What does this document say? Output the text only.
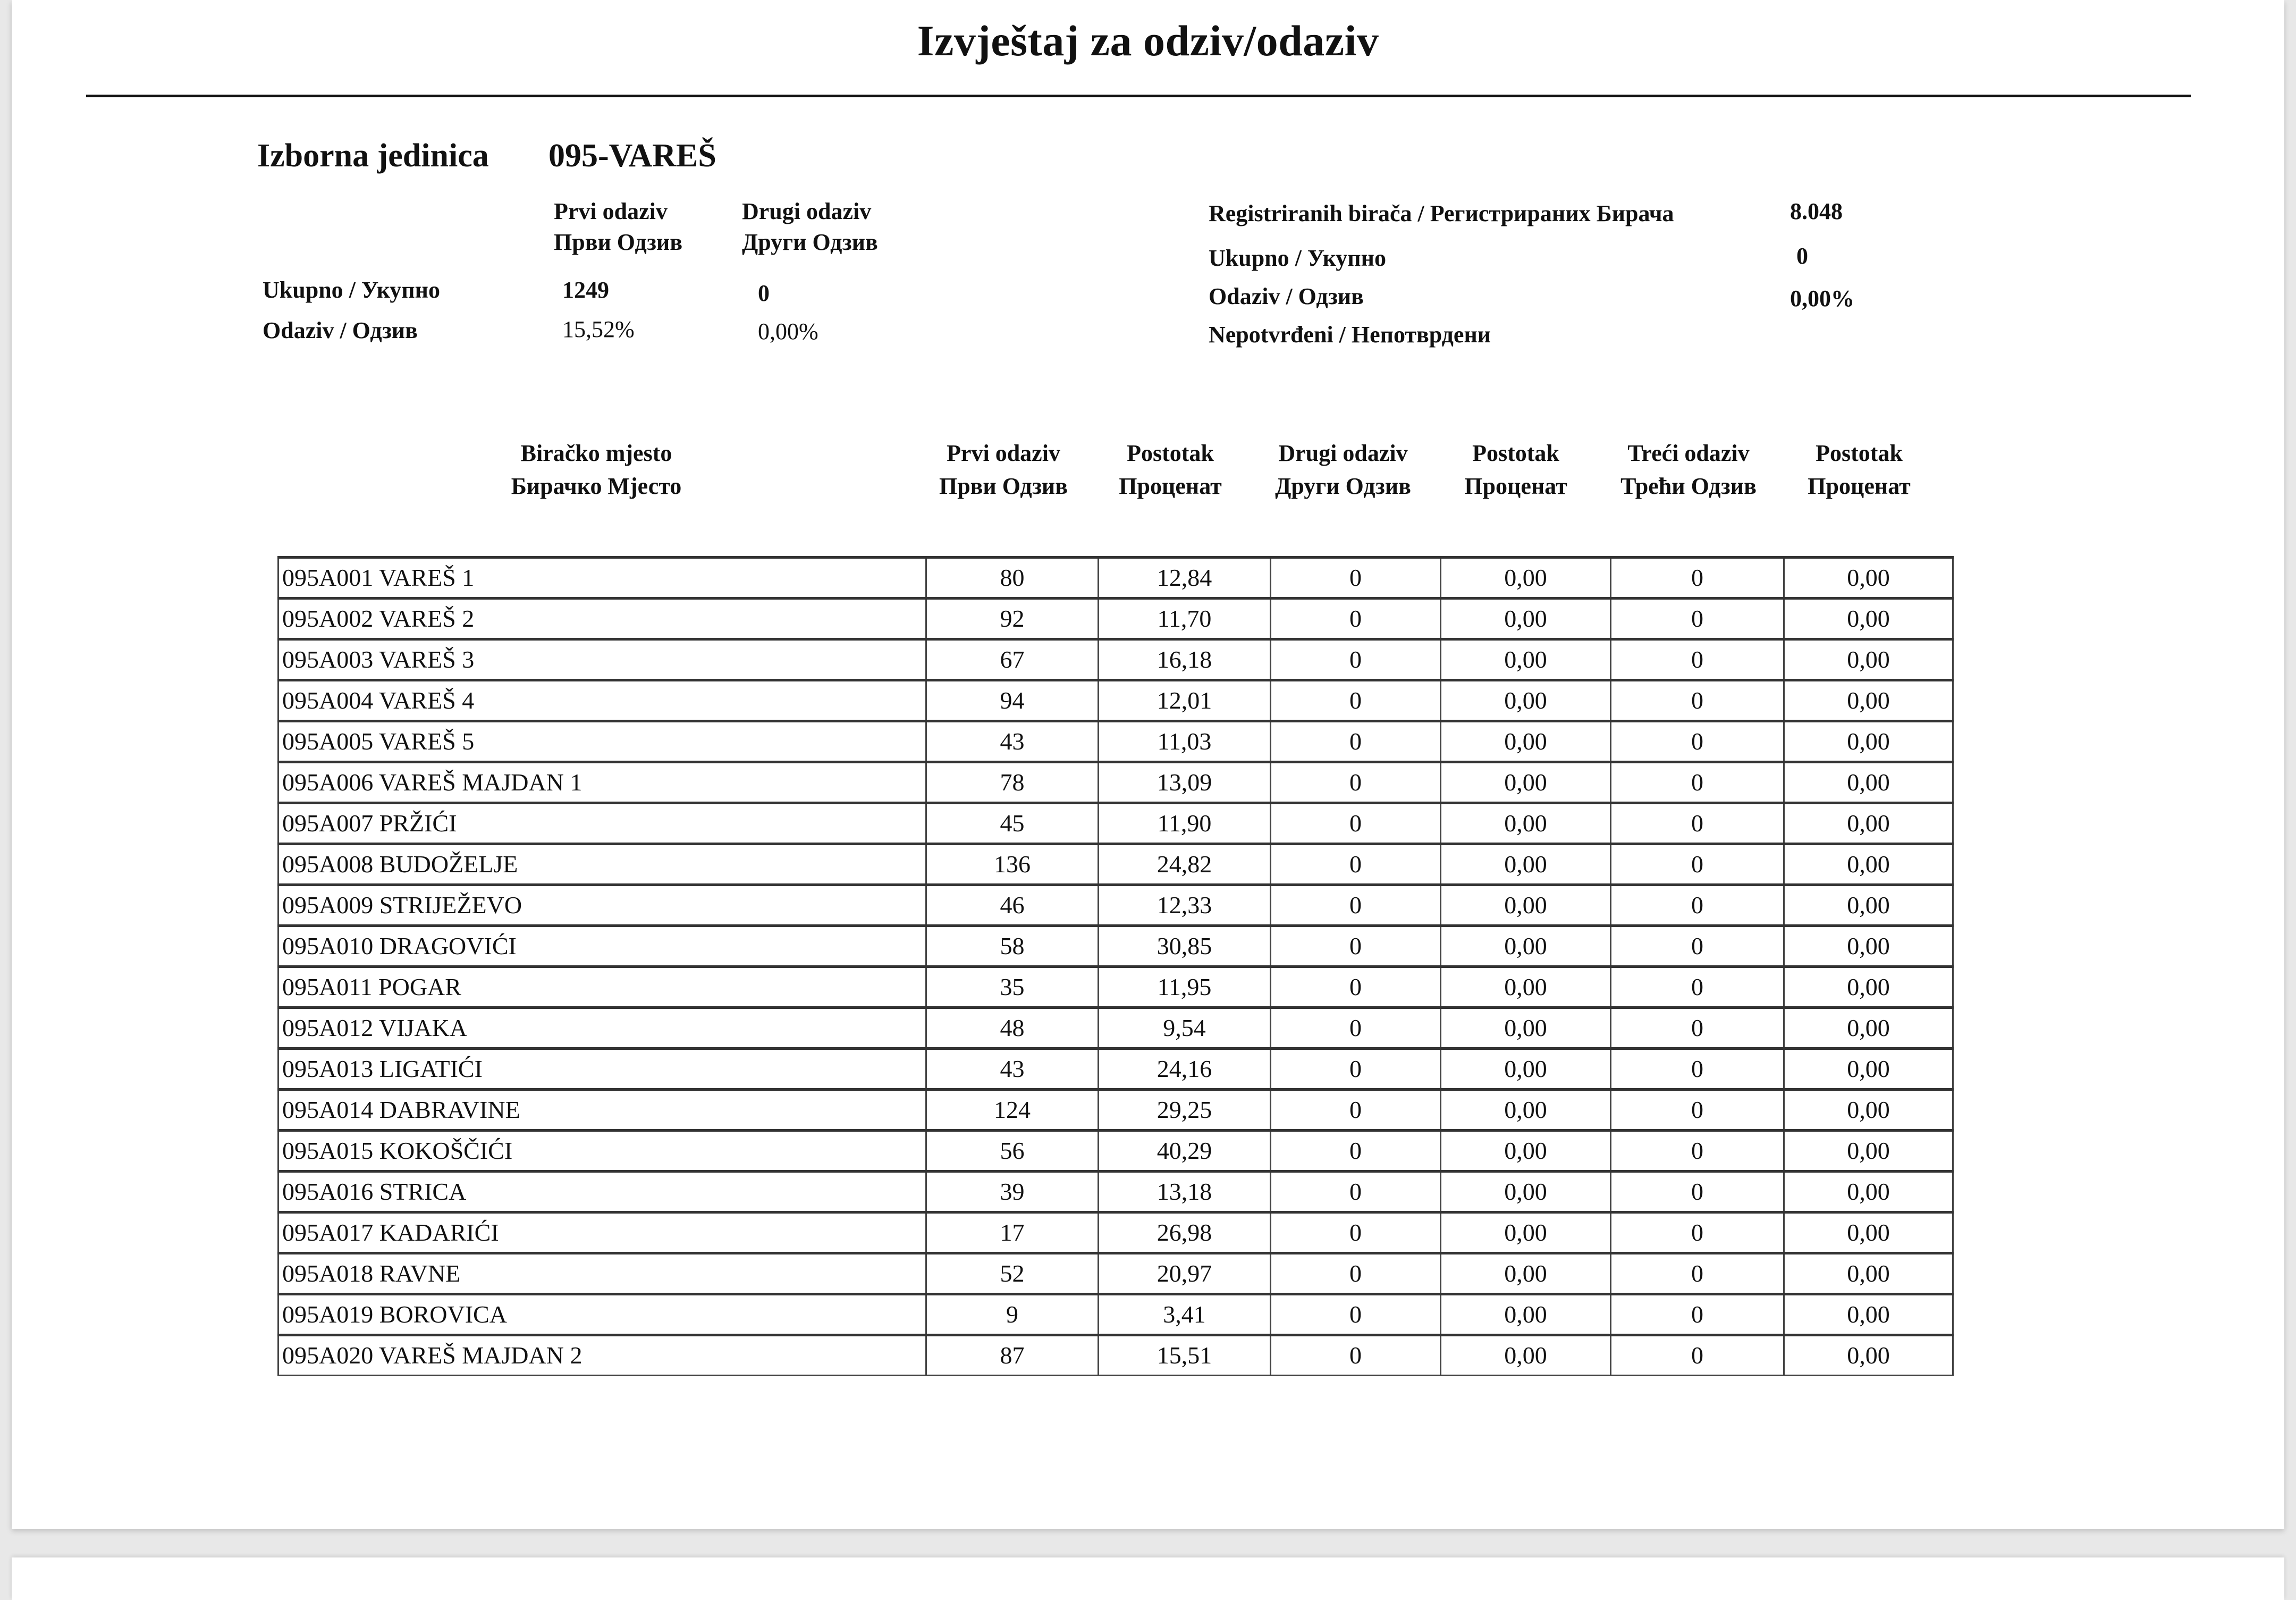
Izvještaj za odziv/odaziv
Izborna jedinica 095-VAREŠ
Prvi odaziv
Први Одзив
Drugi odaziv
Други Одзив
Ukupno / Укупно	1249	0
Odaziv / Одзив	15,52%	0,00%
Registriranih birača / Регистрираних Бирача	8.048
Ukupno / Укупно	0
Odaziv / Одзив	0,00%
Nepotvrđeni / Непотврдени
Biračko mjesto
Бирачко Мјесто
Prvi odaziv
Први Одзив
Postotak
Проценат
Drugi odaziv
Други Одзив
Postotak
Проценат
Treći odaziv
Трећи Одзив
Postotak
Проценат
095A001 VAREŠ 1	80	12,84	0	0,00	0	0,00
095A002 VAREŠ 2	92	11,70	0	0,00	0	0,00
095A003 VAREŠ 3	67	16,18	0	0,00	0	0,00
095A004 VAREŠ 4	94	12,01	0	0,00	0	0,00
095A005 VAREŠ 5	43	11,03	0	0,00	0	0,00
095A006 VAREŠ MAJDAN 1	78	13,09	0	0,00	0	0,00
095A007 PRŽIĆI	45	11,90	0	0,00	0	0,00
095A008 BUDOŽELJE	136	24,82	0	0,00	0	0,00
095A009 STRIJEŽEVO	46	12,33	0	0,00	0	0,00
095A010 DRAGOVIĆI	58	30,85	0	0,00	0	0,00
095A011 POGAR	35	11,95	0	0,00	0	0,00
095A012 VIJAKA	48	9,54	0	0,00	0	0,00
095A013 LIGATIĆI	43	24,16	0	0,00	0	0,00
095A014 DABRAVINE	124	29,25	0	0,00	0	0,00
095A015 KOKOŠČIĆI	56	40,29	0	0,00	0	0,00
095A016 STRICA	39	13,18	0	0,00	0	0,00
095A017 KADARIĆI	17	26,98	0	0,00	0	0,00
095A018 RAVNE	52	20,97	0	0,00	0	0,00
095A019 BOROVICA	9	3,41	0	0,00	0	0,00
095A020 VAREŠ MAJDAN 2	87	15,51	0	0,00	0	0,00
